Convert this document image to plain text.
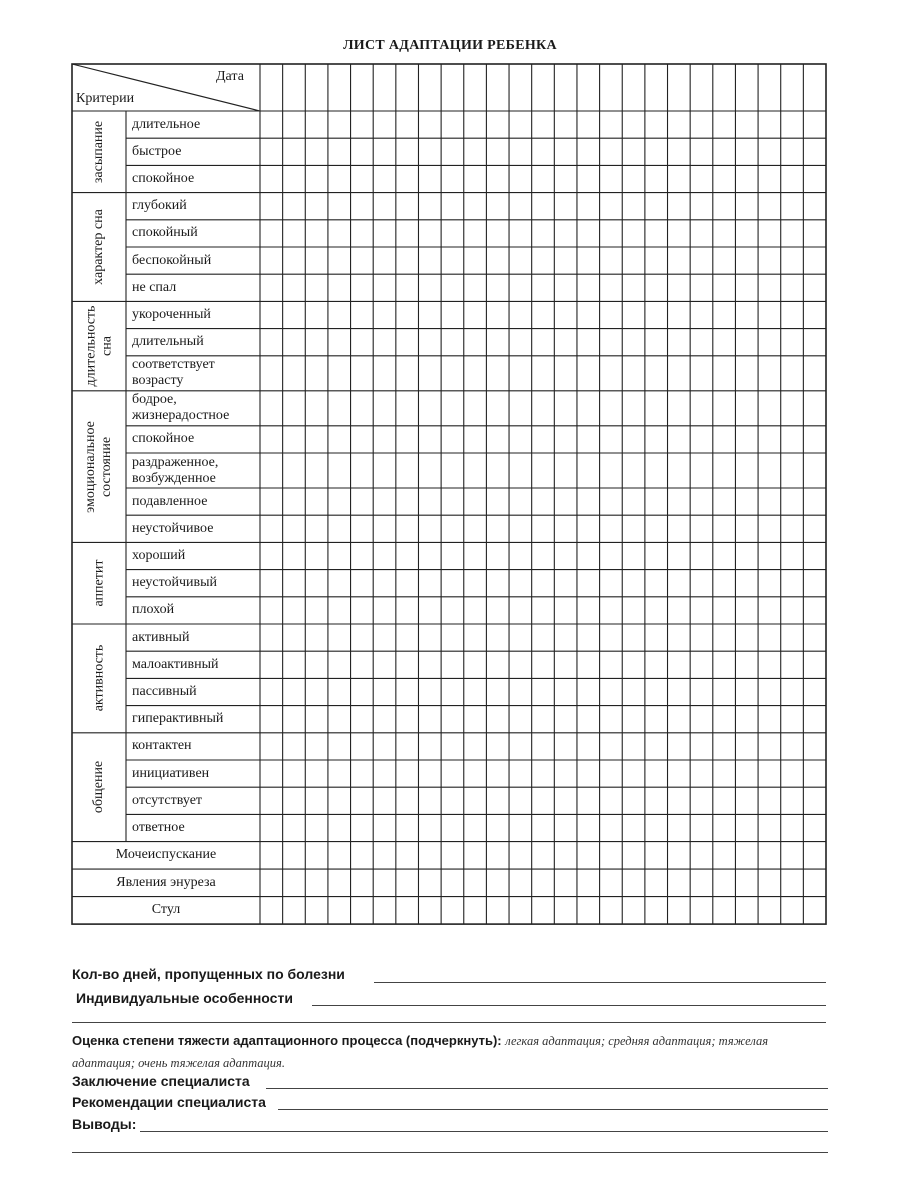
ЛИСТ АДАПТАЦИИ РЕБЕНКА
Дата
Критерии
длительное
быстрое
спокойное
засыпание
глубокий
спокойный
беспокойный
не спал
характер сна
укороченный
длительный
соответствует возрасту
длительность
сна
бодрое, жизнерадостное
спокойное
раздраженное, возбужденное
подавленное
неустойчивое
эмоциональное
состояние
хороший
неустойчивый
плохой
аппетит
активный
малоактивный
пассивный
гиперактивный
активность
контактен
инициативен
отсутствует
ответное
общение
Мочеиспускание
Явления энуреза
Стул
Кол-во дней, пропущенных по болезни
Индивидуальные особенности
Оценка степени тяжести адаптационного процесса (подчеркнуть): легкая адаптация; средняя адаптация; тяжелая адаптация; очень тяжелая адаптация.
Заключение специалиста
Рекомендации специалиста
Выводы:
